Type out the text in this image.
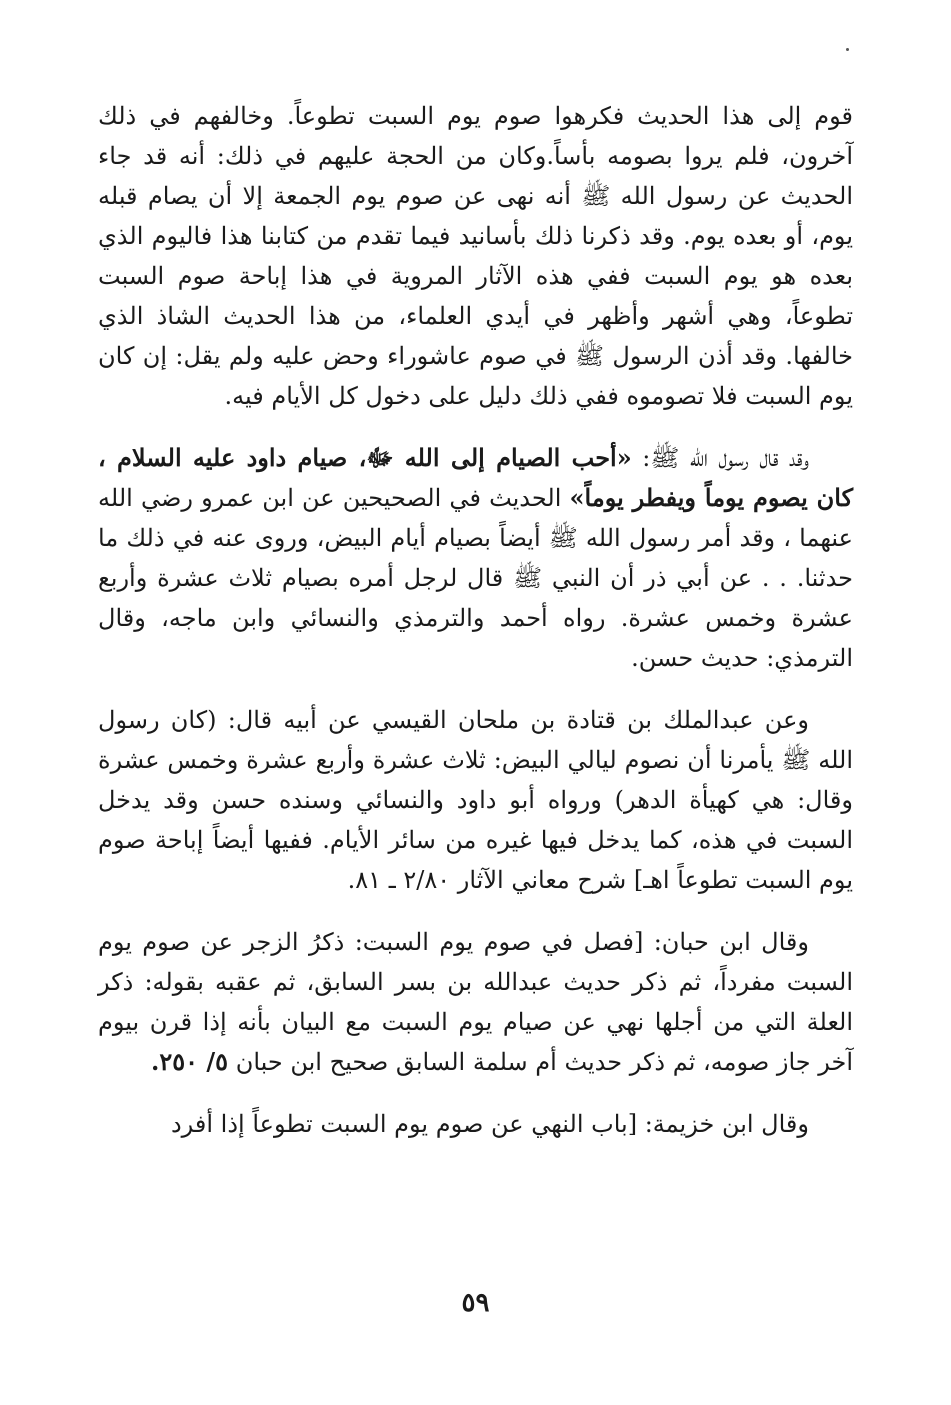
قوم إلى هذا الحديث فكرهوا صوم يوم السبت تطوعاً. وخالفهم في ذلك آخرون، فلم يروا بصومه بأساً.وكان من الحجة عليهم في ذلك: أنه قد جاء الحديث عن رسول الله ﷺ أنه نهى عن صوم يوم الجمعة إلا أن يصام قبله يوم، أو بعده يوم. وقد ذكرنا ذلك بأسانيد فيما تقدم من كتابنا هذا فاليوم الذي بعده هو يوم السبت ففي هذه الآثار المروية في هذا إباحة صوم السبت تطوعاً، وهي أشهر وأظهر في أيدي العلماء، من هذا الحديث الشاذ الذي خالفها. وقد أذن الرسول ﷺ في صوم عاشوراء وحض عليه ولم يقل: إن كان يوم السبت فلا تصوموه ففي ذلك دليل على دخول كل الأيام فيه.

وقد قال رسول الله ﷺ: «أحب الصيام إلى الله ﷻ، صيام داود عليه السلام ، كان يصوم يوماً ويفطر يوماً» الحديث في الصحيحين عن ابن عمرو رضي الله عنهما ، وقد أمر رسول الله ﷺ أيضاً بصيام أيام البيض، وروى عنه في ذلك ما حدثنا. . . عن أبي ذر أن النبي ﷺ قال لرجل أمره بصيام ثلاث عشرة وأربع عشرة وخمس عشرة. رواه أحمد والترمذي والنسائي وابن ماجه، وقال الترمذي: حديث حسن.

وعن عبدالملك بن قتادة بن ملحان القيسي عن أبيه قال: (كان رسول الله ﷺ يأمرنا أن نصوم ليالي البيض: ثلاث عشرة وأربع عشرة وخمس عشرة وقال: هي كهيأة الدهر) ورواه أبو داود والنسائي وسنده حسن وقد يدخل السبت في هذه، كما يدخل فيها غيره من سائر الأيام. ففيها أيضاً إباحة صوم يوم السبت تطوعاً اهـ] شرح معاني الآثار ٢/٨٠ ـ ٨١.

وقال ابن حبان: [فصل في صوم يوم السبت: ذكرُ الزجر عن صوم يوم السبت مفرداً، ثم ذكر حديث عبدالله بن بسر السابق، ثم عقبه بقوله: ذكر العلة التي من أجلها نهي عن صيام يوم السبت مع البيان بأنه إذا قرن بيوم آخر جاز صومه، ثم ذكر حديث أم سلمة السابق صحيح ابن حبان ٥/ ٢٥٠.

وقال ابن خزيمة: [باب النهي عن صوم يوم السبت تطوعاً إذا أفرد

٥٩
